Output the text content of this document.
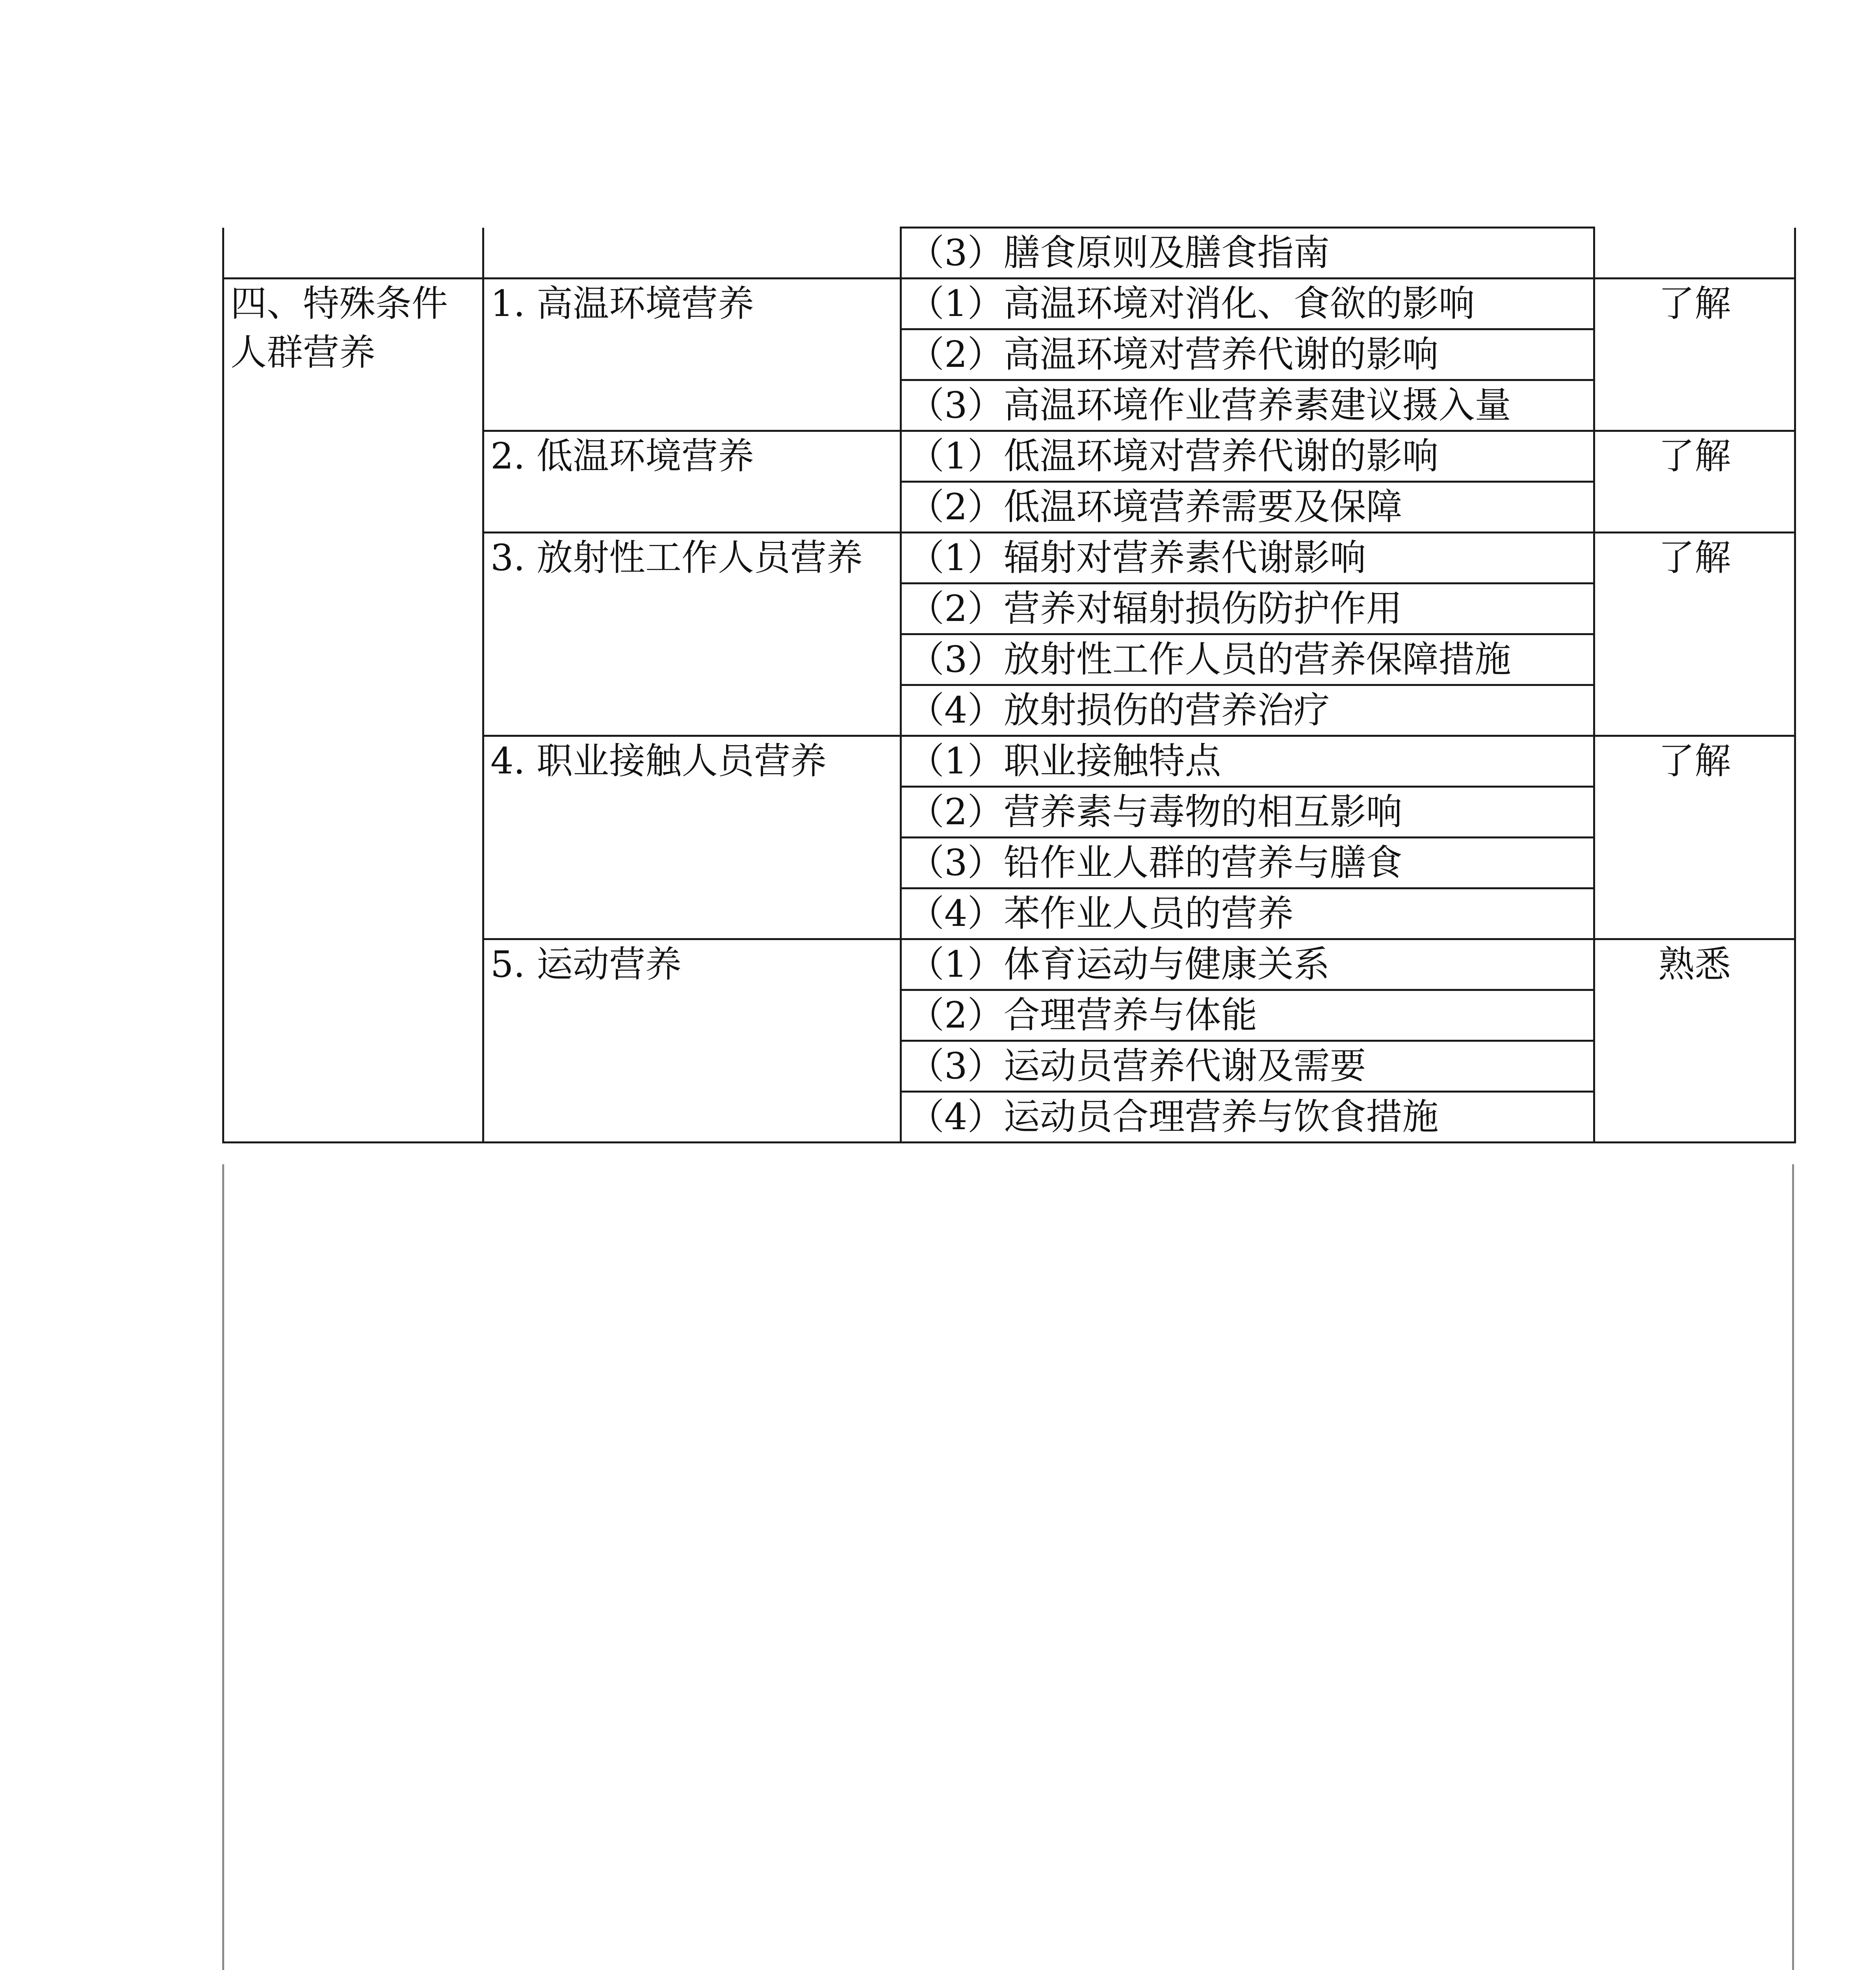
		（3）膳食原则及膳食指南	
四、特殊条件人群营养	1. 高温环境营养	（1）高温环境对消化、食欲的影响	了解
		（2）高温环境对营养代谢的影响	
		（3）高温环境作业营养素建议摄入量	
	2. 低温环境营养	（1）低温环境对营养代谢的影响	了解
		（2）低温环境营养需要及保障	
	3. 放射性工作人员营养	（1）辐射对营养素代谢影响	了解
		（2）营养对辐射损伤防护作用	
		（3）放射性工作人员的营养保障措施	
		（4）放射损伤的营养治疗	
	4. 职业接触人员营养	（1）职业接触特点	了解
		（2）营养素与毒物的相互影响	
		（3）铅作业人群的营养与膳食	
		（4）苯作业人员的营养	
	5. 运动营养	（1）体育运动与健康关系	熟悉
		（2）合理营养与体能	
		（3）运动员营养代谢及需要	
		（4）运动员合理营养与饮食措施	
